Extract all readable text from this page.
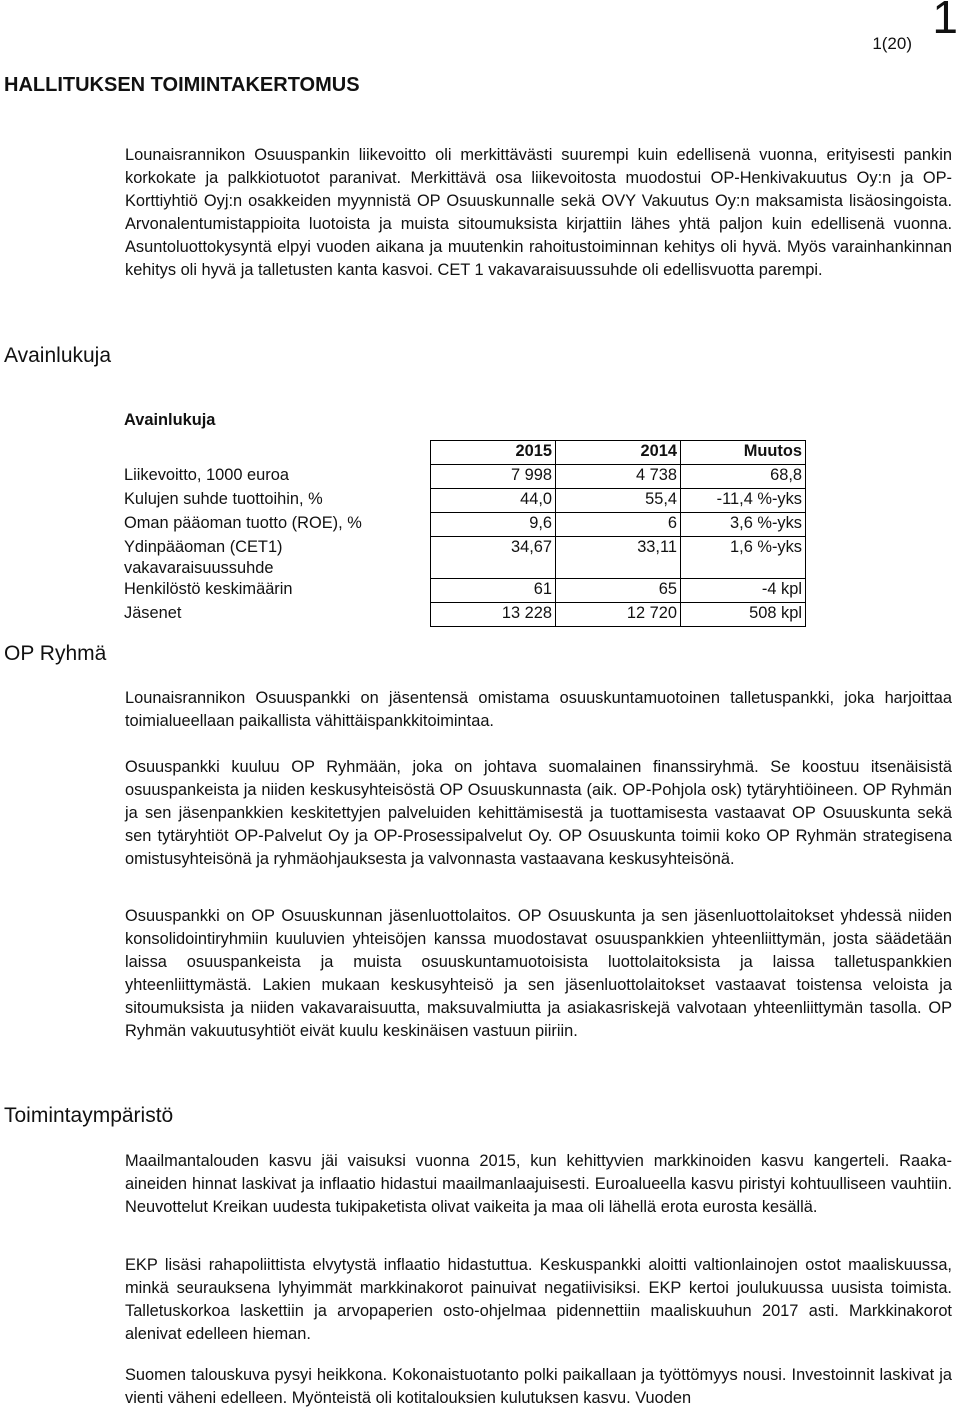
1(20)
1
HALLITUKSEN TOIMINTAKERTOMUS

Lounaisrannikon Osuuspankin liikevoitto oli merkittävästi suurempi kuin edellisenä vuonna, erityisesti pankin korkokate ja palkkiotuotot paranivat. Merkittävä osa liikevoitosta muodostui OP-Henkivakuutus Oy:n ja OP-Korttiyhtiö Oyj:n osakkeiden myynnistä OP Osuuskunnalle sekä OVY Vakuutus Oy:n maksamista lisäosingoista. Arvonalentumistappioita luotoista ja muista sitoumuksista kirjattiin lähes yhtä paljon kuin edellisenä vuonna. Asuntoluottokysyntä elpyi vuoden aikana ja muutenkin rahoitustoiminnan kehitys oli hyvä. Myös varainhankinnan kehitys oli hyvä ja talletusten kanta kasvoi. CET 1 vakavaraisuussuhde oli edellisvuotta parempi.

Avainlukuja
Avainlukuja			

	2015	2014	Muutos
Liikevoitto, 1000 euroa	7 998	4 738	68,8
Kulujen suhde tuottoihin, %	44,0	55,4	-11,4 %-yks
Oman pääoman tuotto (ROE), %	9,6	6	3,6 %-yks
Ydinpääoman (CET1) vakavaraisuussuhde	34,67	33,11	1,6 %-yks
Henkilöstö keskimäärin	61	65	-4 kpl
Jäsenet	13 228	12 720	508 kpl
OP Ryhmä

Lounaisrannikon Osuuspankki on jäsentensä omistama osuuskuntamuotoinen talletuspankki, joka harjoittaa toimialueellaan paikallista vähittäispankkitoimintaa.

Osuuspankki kuuluu OP Ryhmään, joka on johtava suomalainen finanssiryhmä. Se koostuu itsenäisistä osuuspankeista ja niiden keskusyhteisöstä OP Osuuskunnasta (aik. OP-Pohjola osk) tytäryhtiöineen. OP Ryhmän ja sen jäsenpankkien keskitettyjen palveluiden kehittämisestä ja tuottamisesta vastaavat OP Osuuskunta sekä sen tytäryhtiöt OP-Palvelut Oy ja OP-Prosessipalvelut Oy. OP Osuuskunta toimii koko OP Ryhmän strategisena omistusyhteisönä ja ryhmäohjauksesta ja valvonnasta vastaavana keskusyhteisönä.

Osuuspankki on OP Osuuskunnan jäsenluottolaitos. OP Osuuskunta ja sen jäsenluottolaitokset yhdessä niiden konsolidointiryhmiin kuuluvien yhteisöjen kanssa muodostavat osuuspankkien yhteenliittymän, josta säädetään laissa osuuspankeista ja muista osuuskuntamuotoisista luottolaitoksista ja laissa talletuspankkien yhteenliittymästä. Lakien mukaan keskusyhteisö ja sen jäsenluottolaitokset vastaavat toistensa veloista ja sitoumuksista ja niiden vakavaraisuutta, maksuvalmiutta ja asiakasriskejä valvotaan yhteenliittymän tasolla. OP Ryhmän vakuutusyhtiöt eivät kuulu keskinäisen vastuun piiriin.

Toimintaympäristö

Maailmantalouden kasvu jäi vaisuksi vuonna 2015, kun kehittyvien markkinoiden kasvu kangerteli. Raaka-aineiden hinnat laskivat ja inflaatio hidastui maailmanlaajuisesti. Euroalueella kasvu piristyi kohtuulliseen vauhtiin. Neuvottelut Kreikan uudesta tukipaketista olivat vaikeita ja maa oli lähellä erota eurosta kesällä.

EKP lisäsi rahapoliittista elvytystä inflaatio hidastuttua. Keskuspankki aloitti valtionlainojen ostot maaliskuussa, minkä seurauksena lyhyimmät markkinakorot painuivat negatiivisiksi. EKP kertoi joulukuussa uusista toimista. Talletuskorkoa laskettiin ja arvopaperien osto-ohjelmaa pidennettiin maaliskuuhun 2017 asti. Markkinakorot alenivat edelleen hieman.

Suomen talouskuva pysyi heikkona. Kokonaistuotanto polki paikallaan ja työttömyys nousi. Investoinnit laskivat ja vienti väheni edelleen. Myönteistä oli kotitalouksien kulutuksen kasvu. Vuoden
